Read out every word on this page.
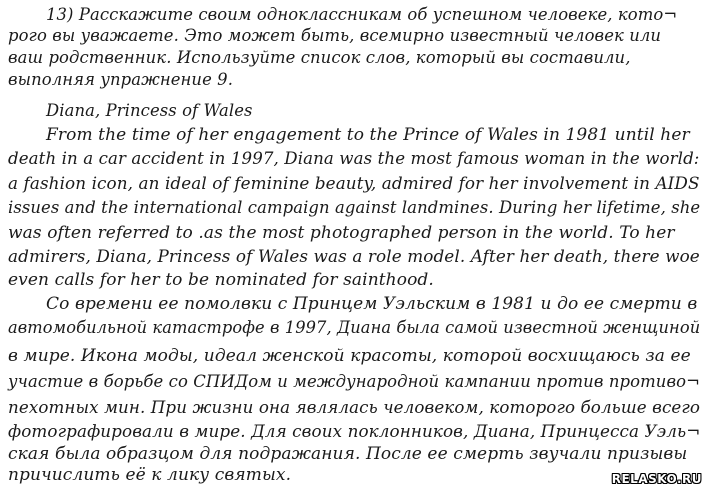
13) Расскажите своим одноклассникам об успешном человеке, кото¬
рого вы уважаете. Это может быть, всемирно известный человек или
ваш родственник. Используйте список слов, который вы составили,
выполняя упражнение 9.
Diana, Princess of Wales
From the time of her engagement to the Prince of Wales in 1981 until her
death in a car accident in 1997, Diana was the most famous woman in the world:
a fashion icon, an ideal of feminine beauty, admired for her involvement in AIDS
issues and the international campaign against landmines. During her lifetime, she
was often referred to .as the most photographed person in the world. To her
admirers, Diana, Princess of Wales was a role model. After her death, there woe
even calls for her to be nominated for sainthood.
Со времени ее помолвки с Принцем Уэльским в 1981 и до ее смерти в
автомобильной катастрофе в 1997, Диана была самой известной женщиной
в мире. Икона моды, идеал женской красоты, которой восхищаюсь за ее
участие в борьбе со СПИДом и международной кампании против противо¬
пехотных мин. При жизни она являлась человеком, которого больше всего
фотографировали в мире. Для своих поклонников, Диана, Принцесса Уэль¬
ская была образцом для подражания. После ее смерть звучали призывы
причислить её к лику святых.	RELASKO.RU
